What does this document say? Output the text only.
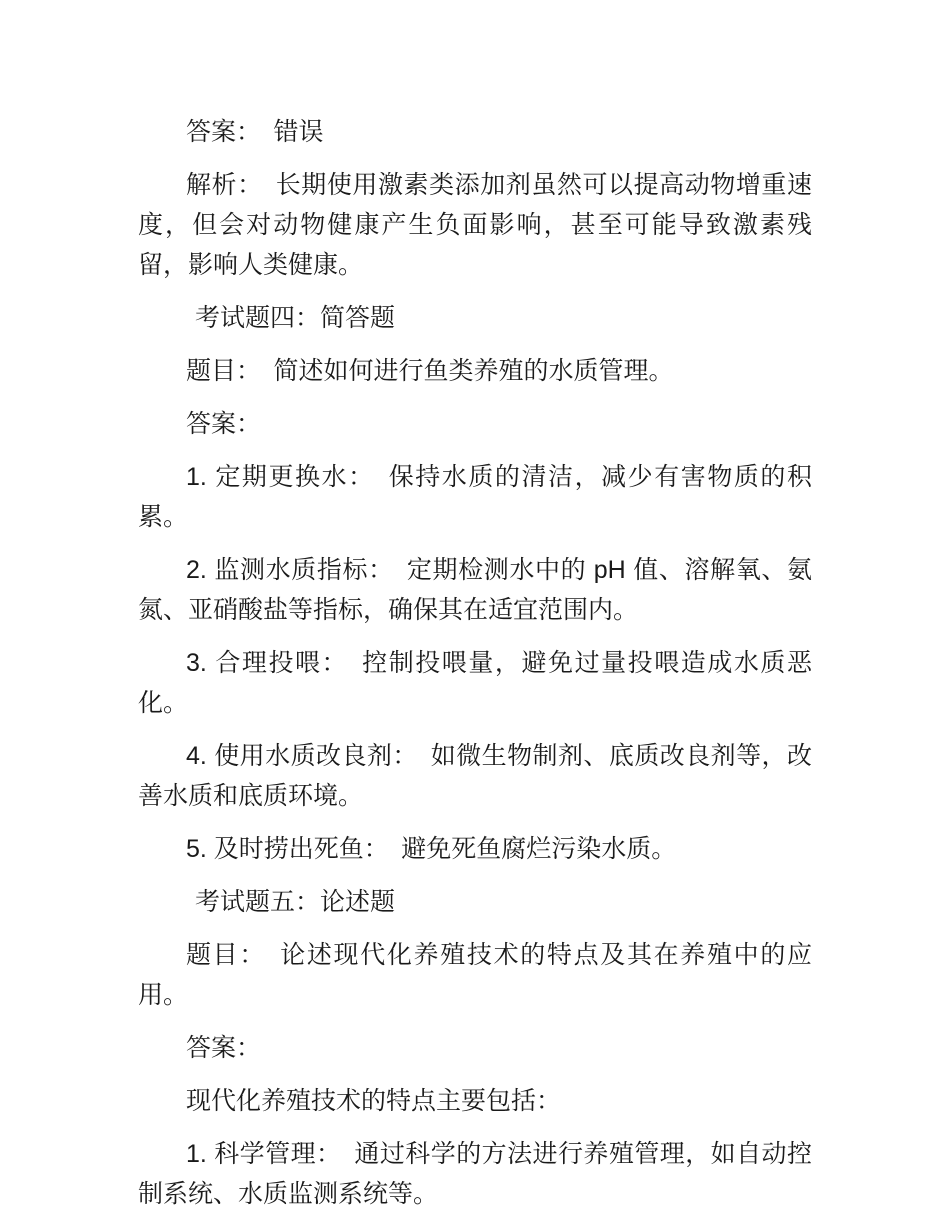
答案：　错误

解析：　长期使用激素类添加剂虽然可以提高动物增重速度，但会对动物健康产生负面影响，甚至可能导致激素残留，影响人类健康。

考试题四：简答题

题目：　简述如何进行鱼类养殖的水质管理。

答案：

1. 定期更换水：　保持水质的清洁，减少有害物质的积累。

2. 监测水质指标：　定期检测水中的 pH 值、溶解氧、氨氮、亚硝酸盐等指标，确保其在适宜范围内。

3. 合理投喂：　控制投喂量，避免过量投喂造成水质恶化。

4. 使用水质改良剂：　如微生物制剂、底质改良剂等，改善水质和底质环境。

5. 及时捞出死鱼：　避免死鱼腐烂污染水质。

考试题五：论述题

题目：　论述现代化养殖技术的特点及其在养殖中的应用。

答案：

现代化养殖技术的特点主要包括：

1. 科学管理：　通过科学的方法进行养殖管理，如自动控制系统、水质监测系统等。
